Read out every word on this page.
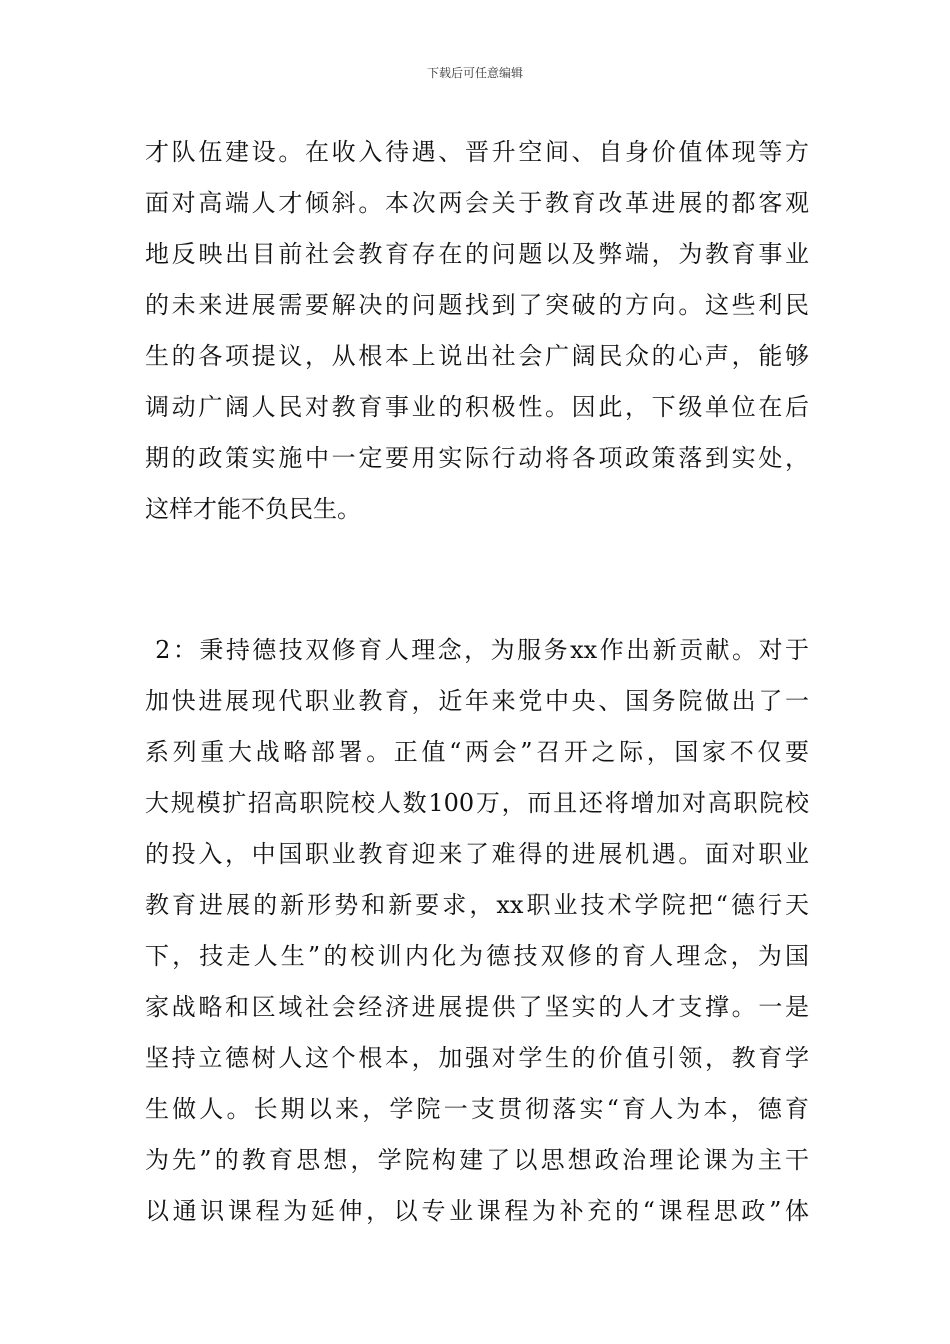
下载后可任意编辑
才队伍建设。在收入待遇、晋升空间、自身价值体现等方
面对高端人才倾斜。本次两会关于教育改革进展的都客观
地反映出目前社会教育存在的问题以及弊端，为教育事业
的未来进展需要解决的问题找到了突破的方向。这些利民
生的各项提议，从根本上说出社会广阔民众的心声，能够
调动广阔人民对教育事业的积极性。因此，下级单位在后
期的政策实施中一定要用实际行动将各项政策落到实处，
这样才能不负民生。
2：秉持德技双修育人理念，为服务xx作出新贡献。对于
加快进展现代职业教育，近年来党中央、国务院做出了一
系列重大战略部署。正值“两会”召开之际，国家不仅要
大规模扩招高职院校人数100万，而且还将增加对高职院校
的投入，中国职业教育迎来了难得的进展机遇。面对职业
教育进展的新形势和新要求，xx职业技术学院把“德行天
下，技走人生”的校训内化为德技双修的育人理念，为国
家战略和区域社会经济进展提供了坚实的人才支撑。一是
坚持立德树人这个根本，加强对学生的价值引领，教育学
生做人。长期以来，学院一支贯彻落实“育人为本，德育
为先”的教育思想，学院构建了以思想政治理论课为主干
以通识课程为延伸，以专业课程为补充的“课程思政”体
